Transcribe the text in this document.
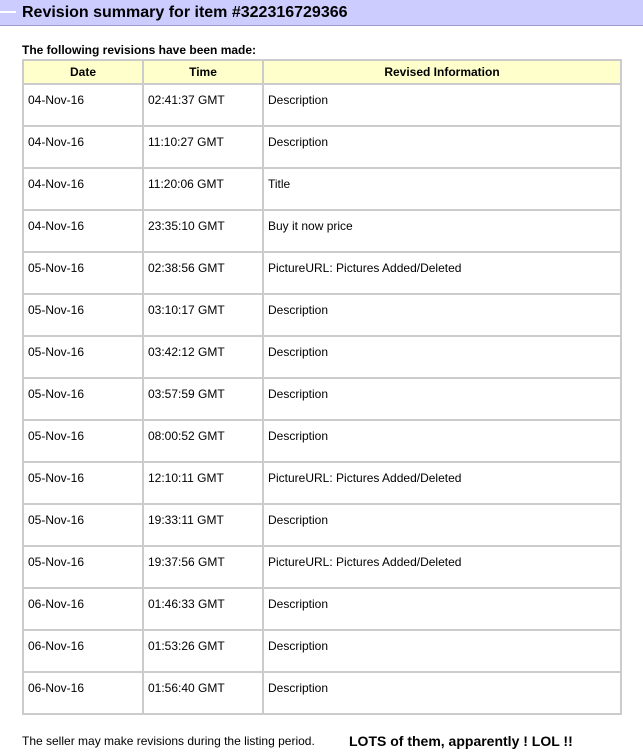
Revision summary for item #322316729366
The following revisions have been made:
Date	Time	Revised Information
04-Nov-16	02:41:37 GMT	Description
04-Nov-16	11:10:27 GMT	Description
04-Nov-16	11:20:06 GMT	Title
04-Nov-16	23:35:10 GMT	Buy it now price
05-Nov-16	02:38:56 GMT	PictureURL: Pictures Added/Deleted
05-Nov-16	03:10:17 GMT	Description
05-Nov-16	03:42:12 GMT	Description
05-Nov-16	03:57:59 GMT	Description
05-Nov-16	08:00:52 GMT	Description
05-Nov-16	12:10:11 GMT	PictureURL: Pictures Added/Deleted
05-Nov-16	19:33:11 GMT	Description
05-Nov-16	19:37:56 GMT	PictureURL: Pictures Added/Deleted
06-Nov-16	01:46:33 GMT	Description
06-Nov-16	01:53:26 GMT	Description
06-Nov-16	01:56:40 GMT	Description
The seller may make revisions during the listing period. LOTS of them, apparently ! LOL !!
